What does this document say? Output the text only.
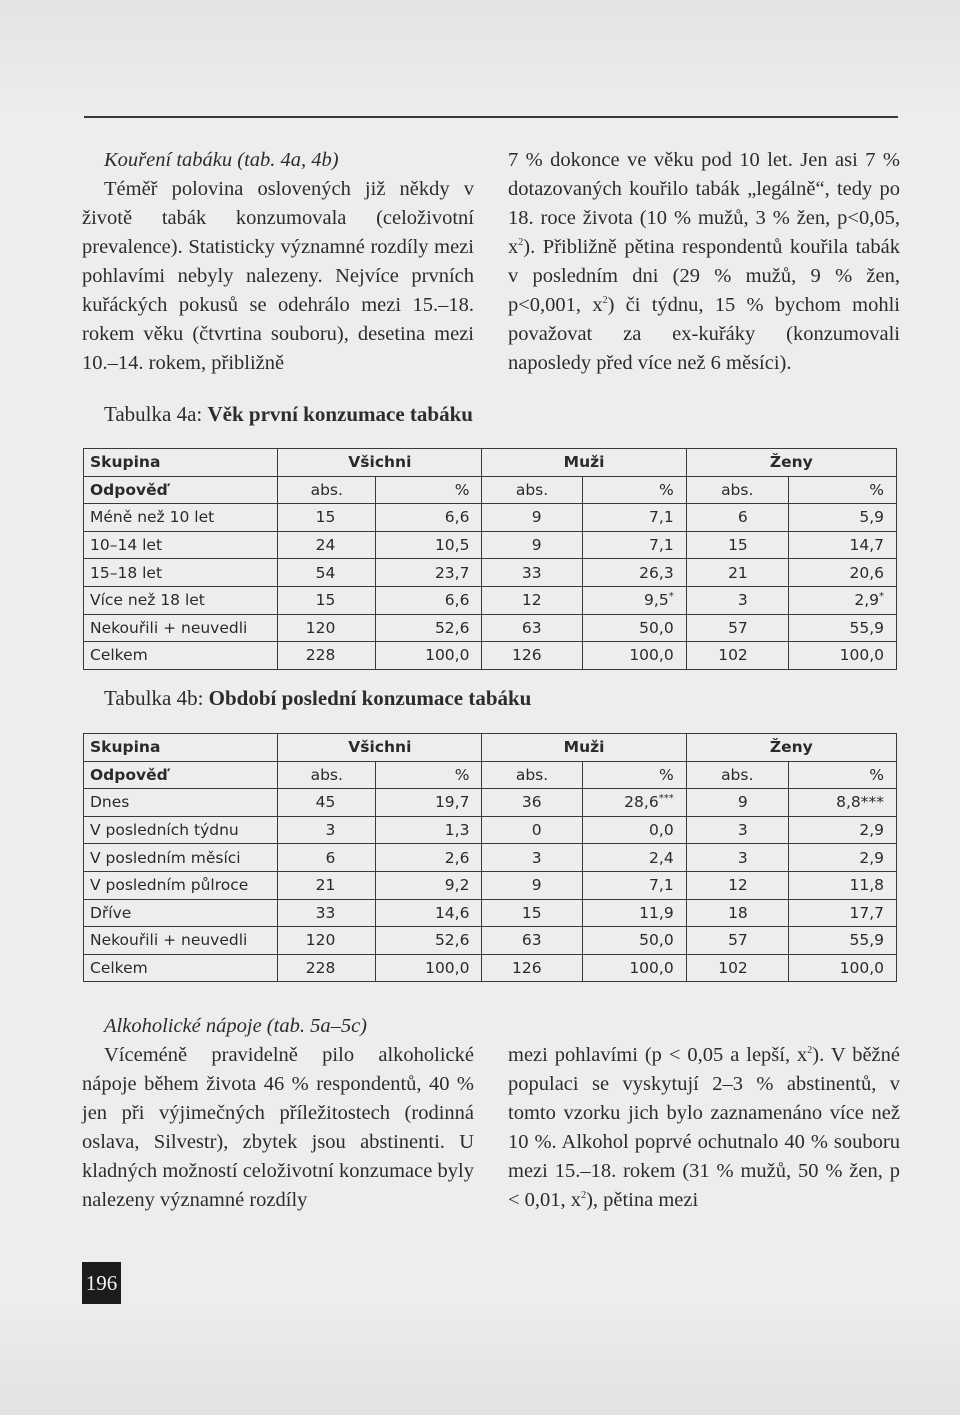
Kouření tabáku (tab. 4a, 4b)
Téměř polovina oslovených již někdy v životě tabák konzumovala (celoživotní prevalence). Statisticky významné rozdíly mezi pohlavími nebyly nalezeny. Nejvíce prvních kuřáckých pokusů se odehrálo mezi 15.–18. rokem věku (čtvrtina souboru), desetina mezi 10.–14. rokem, přibližně

7 % dokonce ve věku pod 10 let. Jen asi 7 % dotazovaných kouřilo tabák „legálně“, tedy po 18. roce života (10 % mužů, 3 % žen, p<0,05, $x^2$). Přibližně pětina respondentů kouřila tabák v posledním dni (29 % mužů, 9 % žen, p<0,001, $x^2$) či týdnu, 15 % bychom mohli považovat za ex-kuřáky (konzumovali naposledy před více než 6 měsíci).

Tabulka 4a: Věk první konzumace tabáku
Skupina	Všichni		Muži		Ženy	
Odpověď	abs.	%	abs.	%	abs.	%
Méně než 10 let	15	6,6	9	7,1	6	5,9
10–14 let	24	10,5	9	7,1	15	14,7
15–18 let	54	23,7	33	26,3	21	20,6
Více než 18 let	15	6,6	12	9,5*	3	2,9*
Nekouřili + neuvedli	120	52,6	63	50,0	57	55,9
Celkem	228	100,0	126	100,0	102	100,0
Tabulka 4b: Období poslední konzumace tabáku
Skupina	Všichni		Muži		Ženy	
Odpověď	abs.	%	abs.	%	abs.	%
Dnes	45	19,7	36	28,6***	9	8,8***
V posledních týdnu	3	1,3	0	0,0	3	2,9
V posledním měsíci	6	2,6	3	2,4	3	2,9
V posledním půlroce	21	9,2	9	7,1	12	11,8
Dříve	33	14,6	15	11,9	18	17,7
Nekouřili + neuvedli	120	52,6	63	50,0	57	55,9
Celkem	228	100,0	126	100,0	102	100,0

Alkoholické nápoje (tab. 5a–5c)
Víceméně pravidelně pilo alkoholické nápoje během života 46 % respondentů, 40 % jen při výjimečných příležitostech (rodinná oslava, Silvestr), zbytek jsou abstinenti. U kladných možností celoživotní konzumace byly nalezeny významné rozdíly

mezi pohlavími (p < 0,05 a lepší, $x^2$). V běžné populaci se vyskytují 2–3 % abstinentů, v tomto vzorku jich bylo zaznamenáno více než 10 %. Alkohol poprvé ochutnalo 40 % souboru mezi 15.–18. rokem (31 % mužů, 50 % žen, p < 0,01, $x^2$), pětina mezi

196
